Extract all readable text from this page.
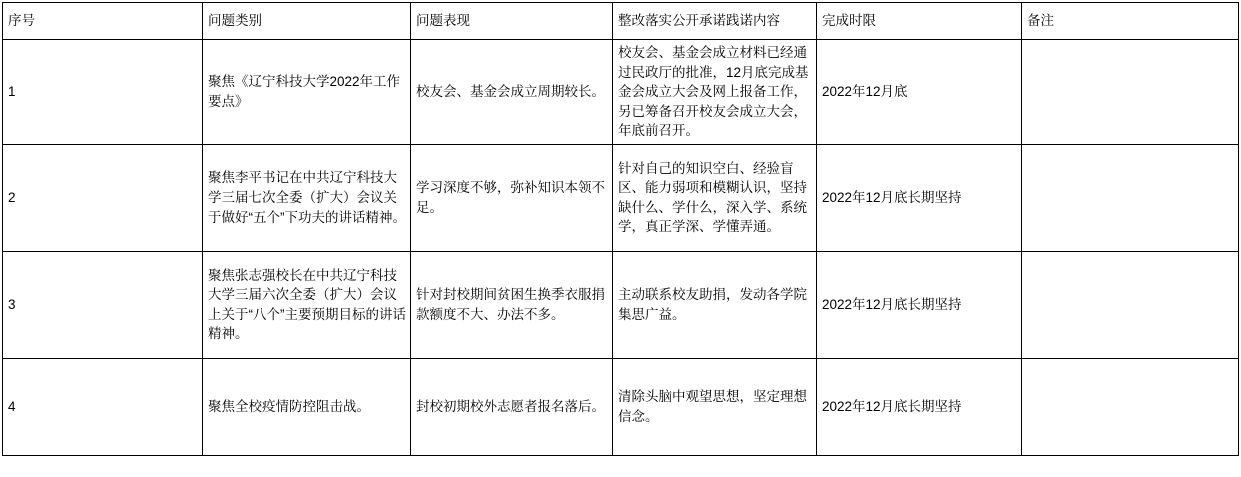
序号	问题类别	问题表现	整改落实公开承诺践诺内容	完成时限	备注
1	聚焦《辽宁科技大学2022年工作要点》	校友会、基金会成立周期较长。	校友会、基金会成立材料已经通过民政厅的批准，12月底完成基金会成立大会及网上报备工作，另已筹备召开校友会成立大会，年底前召开。	2022年12月底	
2	聚焦李平书记在中共辽宁科技大学三届七次全委（扩大）会议关于做好“五个”下功夫的讲话精神。	学习深度不够，弥补知识本领不足。	针对自己的知识空白、经验盲区、能力弱项和模糊认识，坚持缺什么、学什么，深入学、系统学，真正学深、学懂弄通。	2022年12月底长期坚持	
3	聚焦张志强校长在中共辽宁科技大学三届六次全委（扩大）会议上关于“八个”主要预期目标的讲话精神。	针对封校期间贫困生换季衣服捐款额度不大、办法不多。	主动联系校友助捐，发动各学院集思广益。	2022年12月底长期坚持	
4	聚焦全校疫情防控阻击战。	封校初期校外志愿者报名落后。	清除头脑中观望思想，坚定理想信念。	2022年12月底长期坚持	
